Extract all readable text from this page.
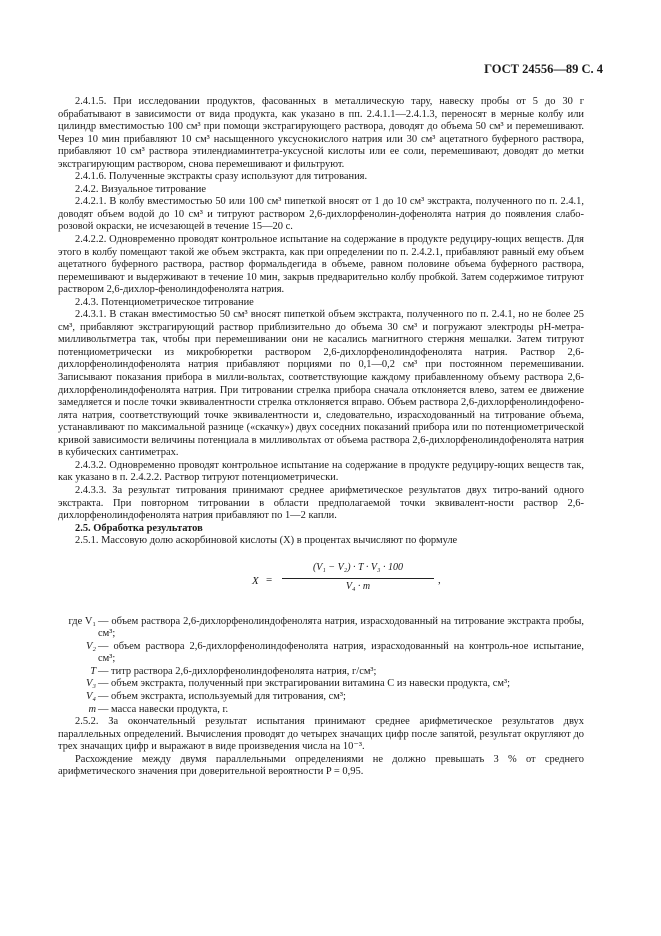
ГОСТ 24556—89 С. 4

2.4.1.5. При исследовании продуктов, фасованных в металлическую тару, навеску пробы от 5 до 30 г обрабатывают в зависимости от вида продукта, как указано в пп. 2.4.1.1—2.4.1.3, переносят в мерные колбу или цилиндр вместимостью 100 см³ при помощи экстрагирующего раствора, доводят до объема 50 см³ и перемешивают. Через 10 мин прибавляют 10 см³ насыщенного уксуснокислого натрия или 30 см³ ацетатного буферного раствора, прибавляют 10 см³ раствора этилендиаминтетра-уксусной кислоты или ее соли, перемешивают, доводят до метки экстрагирующим раствором, снова перемешивают и фильтруют.

2.4.1.6. Полученные экстракты сразу используют для титрования.

2.4.2. Визуальное титрование

2.4.2.1. В колбу вместимостью 50 или 100 см³ пипеткой вносят от 1 до 10 см³ экстракта, полученного по п. 2.4.1, доводят объем водой до 10 см³ и титруют раствором 2,6-дихлорфенолин-дофенолята натрия до появления слабо-розовой окраски, не исчезающей в течение 15—20 с.

2.4.2.2. Одновременно проводят контрольное испытание на содержание в продукте редуциру-ющих веществ. Для этого в колбу помещают такой же объем экстракта, как при определении по п. 2.4.2.1, прибавляют равный ему объем ацетатного буферного раствора, раствор формальдегида в объеме, равном половине объема буферного раствора, перемешивают и выдерживают в течение 10 мин, закрыв предварительно колбу пробкой. Затем содержимое титруют раствором 2,6-дихлор-фенолиндофенолята натрия.

2.4.3. Потенциометрическое титрование

2.4.3.1. В стакан вместимостью 50 см³ вносят пипеткой объем экстракта, полученного по п. 2.4.1, но не более 25 см³, прибавляют экстрагирующий раствор приблизительно до объема 30 см³ и погружают электроды pH-метра-милливольтметра так, чтобы при перемешивании они не касались магнитного стержня мешалки. Затем титруют потенциометрически из микробюретки раствором 2,6-дихлорфенолиндофенолята натрия. Раствор 2,6-дихлорфенолиндофенолята натрия прибавляют порциями по 0,1—0,2 см³ при постоянном перемешивании. Записывают показания прибора в милли-вольтах, соответствующие каждому прибавленному объему раствора 2,6-дихлорфенолиндофенолята натрия. При титровании стрелка прибора сначала отклоняется влево, затем ее движение замедляется и после точки эквивалентности стрелка отклоняется вправо. Объем раствора 2,6-дихлорфенолиндофено-лята натрия, соответствующий точке эквивалентности и, следовательно, израсходованный на титрование объема, устанавливают по максимальной разнице («скачку») двух соседних показаний прибора или по потенциометрической кривой зависимости величины потенциала в милливольтах от объема раствора 2,6-дихлорфенолиндофенолята натрия в кубических сантиметрах.

2.4.3.2. Одновременно проводят контрольное испытание на содержание в продукте редуциру-ющих веществ так, как указано в п. 2.4.2.2. Раствор титруют потенциометрически.

2.4.3.3. За результат титрования принимают среднее арифметическое результатов двух титро-ваний одного экстракта. При повторном титровании в области предполагаемой точки эквивалент-ности раствор 2,6-дихлорфенолиндофенолята натрия прибавляют по 1—2 капли.

2.5. Обработка результатов

2.5.1. Массовую долю аскорбиновой кислоты (X) в процентах вычисляют по формуле

X =
(V₁ − V₂) · T · V₃ · 100
V₄ · m
,
где V₁ — объем раствора 2,6-дихлорфенолиндофенолята натрия, израсходованный на титрование экстракта пробы, см³;
V₂ — объем раствора 2,6-дихлорфенолиндофенолята натрия, израсходованный на контроль-ное испытание, см³;
T — титр раствора 2,6-дихлорфенолиндофенолята натрия, г/см³;
V₃ — объем экстракта, полученный при экстрагировании витамина С из навески продукта, см³;
V₄ — объем экстракта, используемый для титрования, см³;
m — масса навески продукта, г.

2.5.2. За окончательный результат испытания принимают среднее арифметическое результатов двух параллельных определений. Вычисления проводят до четырех значащих цифр после запятой, результат округляют до трех значащих цифр и выражают в виде произведения числа на 10⁻³.

Расхождение между двумя параллельными определениями не должно превышать 3 % от среднего арифметического значения при доверительной вероятности P = 0,95.
